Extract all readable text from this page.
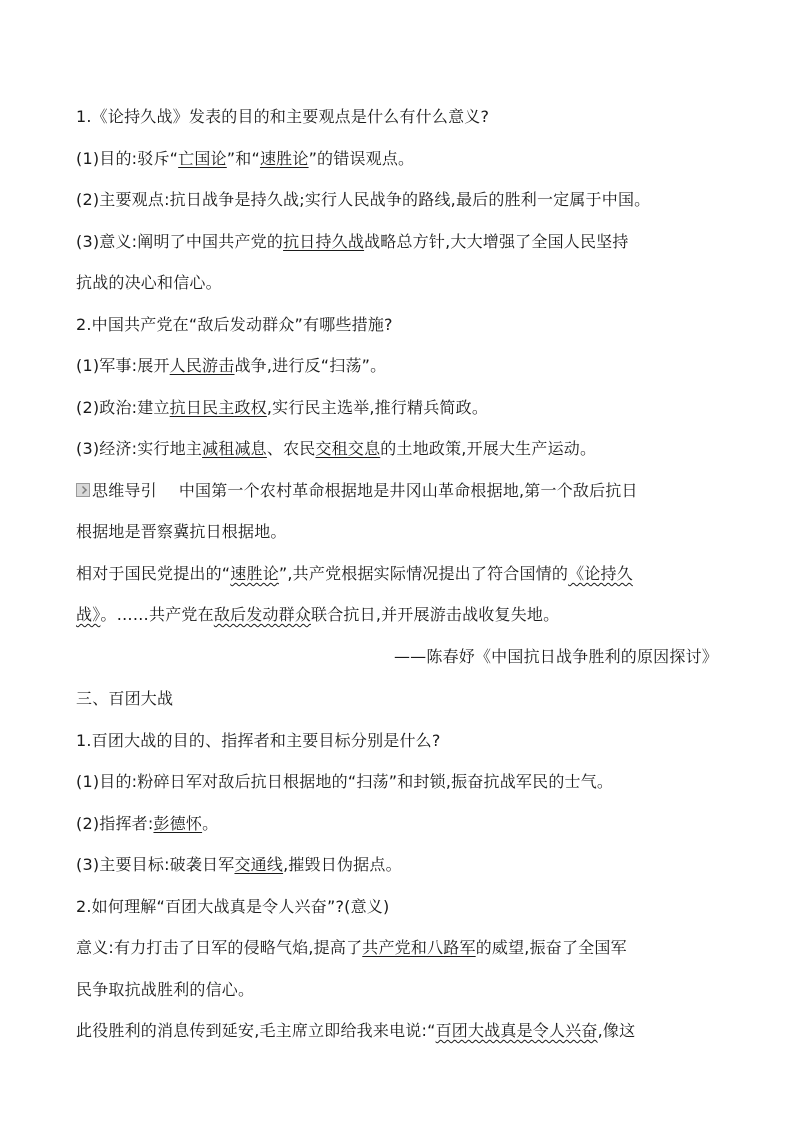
1.《论持久战》发表的目的和主要观点是什么有什么意义?
(1)目的:驳斥“亡国论”和“速胜论”的错误观点。
(2)主要观点:抗日战争是持久战;实行人民战争的路线,最后的胜利一定属于中国。
(3)意义:阐明了中国共产党的抗日持久战战略总方针,大大增强了全国人民坚持
抗战的决心和信心。
2.中国共产党在“敌后发动群众”有哪些措施?
(1)军事:展开人民游击战争,进行反“扫荡”。
(2)政治:建立抗日民主政权,实行民主选举,推行精兵简政。
(3)经济:实行地主减租减息、农民交租交息的土地政策,开展大生产运动。
思维导引 中国第一个农村革命根据地是井冈山革命根据地,第一个敌后抗日
根据地是晋察冀抗日根据地。
相对于国民党提出的“速胜论”,共产党根据实际情况提出了符合国情的《论持久
战》。……共产党在敌后发动群众联合抗日,并开展游击战收复失地。
——陈春妤《中国抗日战争胜利的原因探讨》
三、百团大战
1.百团大战的目的、指挥者和主要目标分别是什么?
(1)目的:粉碎日军对敌后抗日根据地的“扫荡”和封锁,振奋抗战军民的士气。
(2)指挥者:彭德怀。
(3)主要目标:破袭日军交通线,摧毁日伪据点。
2.如何理解“百团大战真是令人兴奋”?(意义)
意义:有力打击了日军的侵略气焰,提高了共产党和八路军的威望,振奋了全国军
民争取抗战胜利的信心。
此役胜利的消息传到延安,毛主席立即给我来电说:“百团大战真是令人兴奋,像这
